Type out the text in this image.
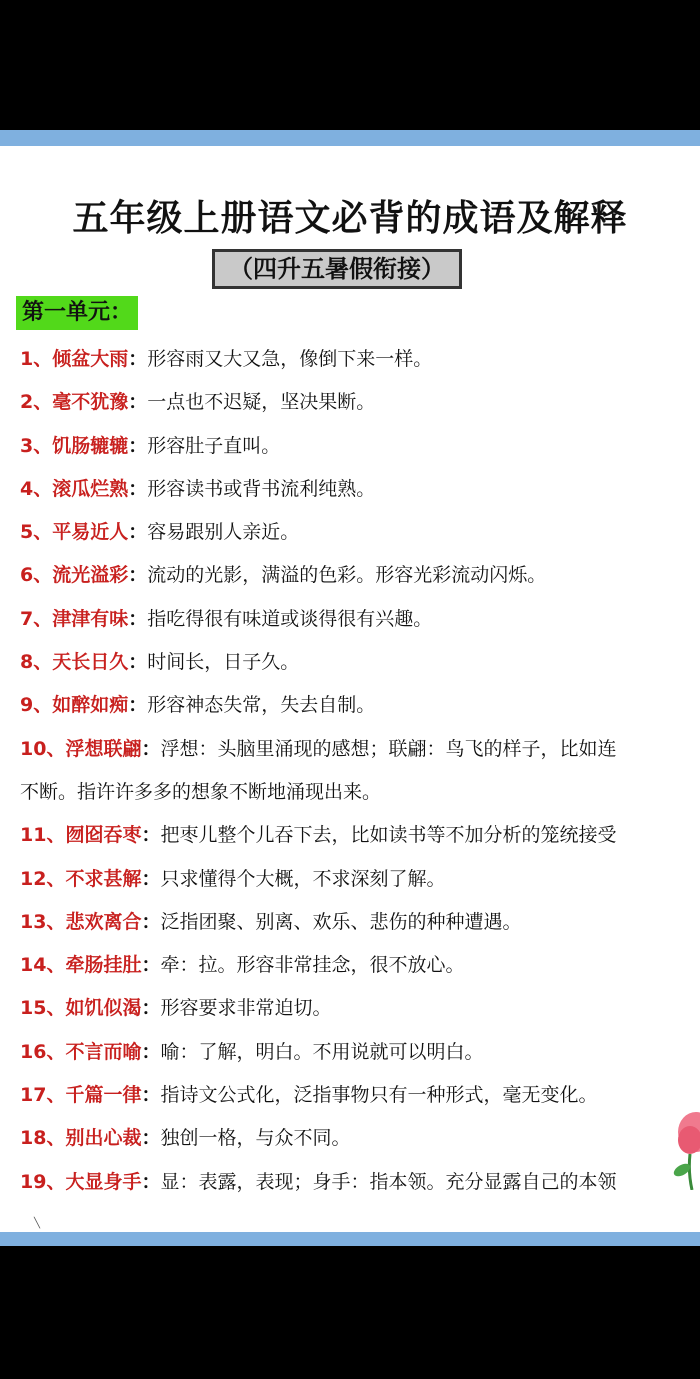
五年级上册语文必背的成语及解释
（四升五暑假衔接）
第一单元：
1、倾盆大雨：形容雨又大又急，像倒下来一样。
2、毫不犹豫：一点也不迟疑，坚决果断。
3、饥肠辘辘：形容肚子直叫。
4、滚瓜烂熟：形容读书或背书流利纯熟。
5、平易近人：容易跟别人亲近。
6、流光溢彩：流动的光影，满溢的色彩。形容光彩流动闪烁。
7、津津有味：指吃得很有味道或谈得很有兴趣。
8、天长日久：时间长，日子久。
9、如醉如痴：形容神态失常，失去自制。
10、浮想联翩：浮想：头脑里涌现的感想；联翩：鸟飞的样子，比如连
不断。指许许多多的想象不断地涌现出来。
11、囫囵吞枣：把枣儿整个儿吞下去，比如读书等不加分析的笼统接受
12、不求甚解：只求懂得个大概，不求深刻了解。
13、悲欢离合：泛指团聚、别离、欢乐、悲伤的种种遭遇。
14、牵肠挂肚：牵：拉。形容非常挂念，很不放心。
15、如饥似渴：形容要求非常迫切。
16、不言而喻：喻：了解，明白。不用说就可以明白。
17、千篇一律：指诗文公式化，泛指事物只有一种形式，毫无变化。
18、别出心裁：独创一格，与众不同。
19、大显身手：显：表露，表现；身手：指本领。充分显露自己的本领
╲
